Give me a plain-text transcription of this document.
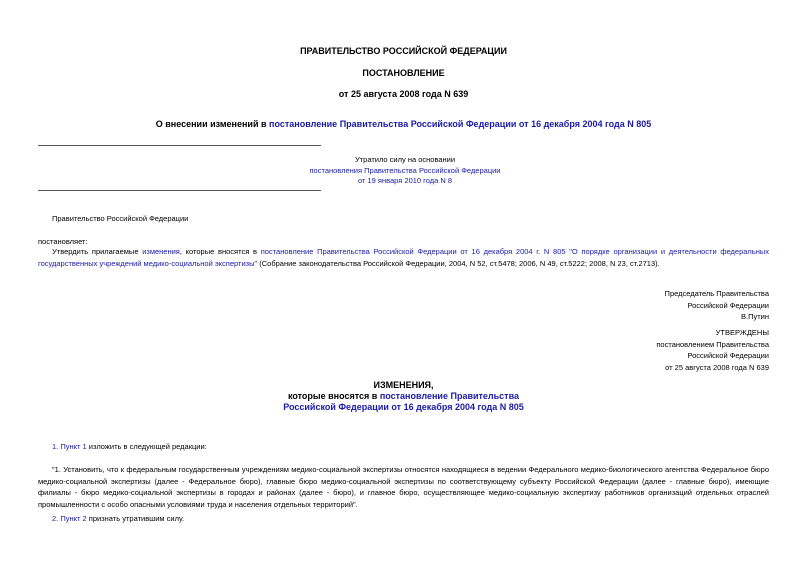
ПРАВИТЕЛЬСТВО РОССИЙСКОЙ ФЕДЕРАЦИИ
ПОСТАНОВЛЕНИЕ
от 25 августа 2008 года N 639
О внесении изменений в постановление Правительства Российской Федерации от 16 декабря 2004 года N 805
Утратило силу на основании
постановления Правительства Российской Федерации
от 19 января 2010 года N 8
Правительство Российской Федерации
постановляет:
Утвердить прилагаемые изменения, которые вносятся в постановление Правительства Российской Федерации от 16 декабря 2004 г. N 805 "О порядке организации и деятельности федеральных государственных учреждений медико-социальной экспертизы" (Собрание законодательства Российской Федерации, 2004, N 52, ст.5478; 2006, N 49, ст.5222; 2008, N 23, ст.2713).
Председатель Правительства
Российской Федерации
В.Путин
УТВЕРЖДЕНЫ
постановлением Правительства
Российской Федерации
от 25 августа 2008 года N 639
ИЗМЕНЕНИЯ,
которые вносятся в постановление Правительства
Российской Федерации от 16 декабря 2004 года N 805
1. Пункт 1 изложить в следующей редакции:
"1. Установить, что к федеральным государственным учреждениям медико-социальной экспертизы относятся находящиеся в ведении Федерального медико-биологического агентства Федеральное бюро медико-социальной экспертизы (далее - Федеральное бюро), главные бюро медико-социальной экспертизы по соответствующему субъекту Российской Федерации (далее - главные бюро), имеющие филиалы - бюро медико-социальной экспертизы в городах и районах (далее - бюро), и главное бюро, осуществляющее медико-социальную экспертизу работников организаций отдельных отраслей промышленности с особо опасными условиями труда и населения отдельных территорий".
2. Пункт 2 признать утратившим силу.
